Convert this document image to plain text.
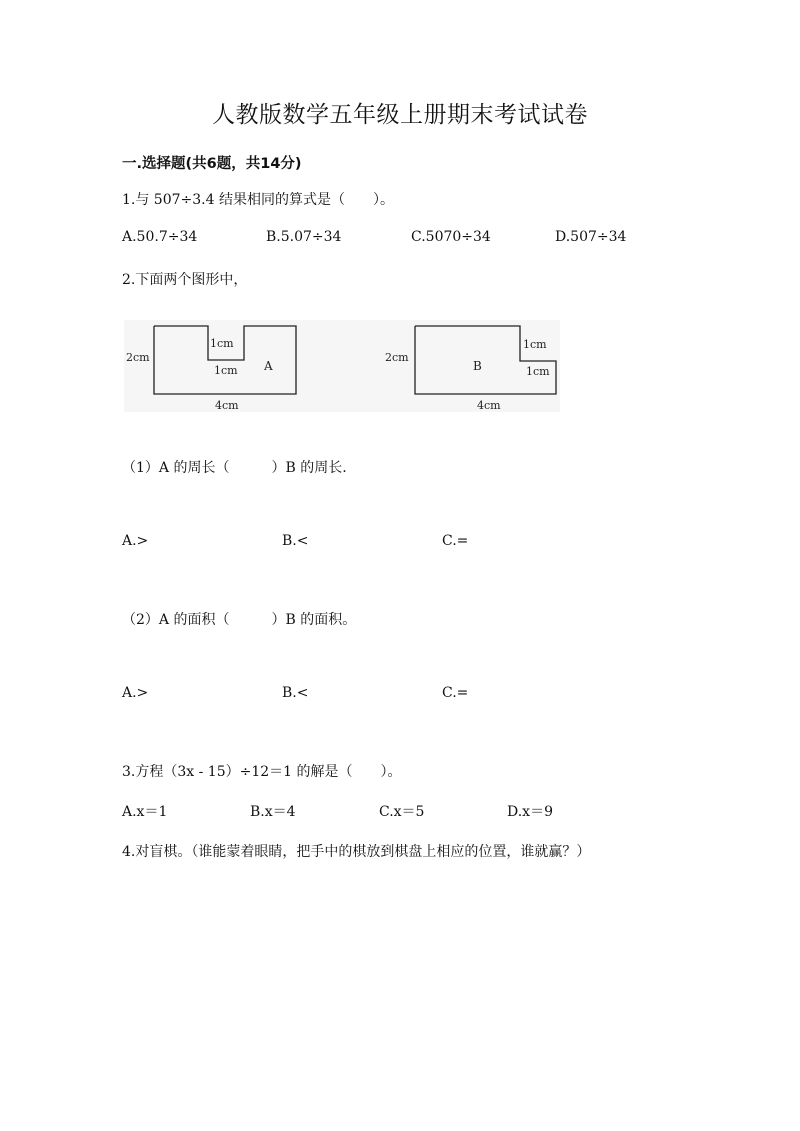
人教版数学五年级上册期末考试试卷
一.选择题(共6题，共14分)
1.与 507÷3.4 结果相同的算式是（　　）。
A.50.7÷34	B.5.07÷34	C.5070÷34	D.507÷34
2.下面两个图形中，
2cm
1cm
1cm A
4cm
2cm
B
1cm
1cm
4cm
（1）A 的周长（　　　）B 的周长.
A.>	B.<	C.=
（2）A 的面积（　　　）B 的面积。
A.>	B.<	C.=
3.方程（3x - 15）÷12＝1 的解是（　　）。
A.x＝1	B.x＝4	C.x＝5	D.x＝9
4.对盲棋。（谁能蒙着眼睛，把手中的棋放到棋盘上相应的位置，谁就赢？）
